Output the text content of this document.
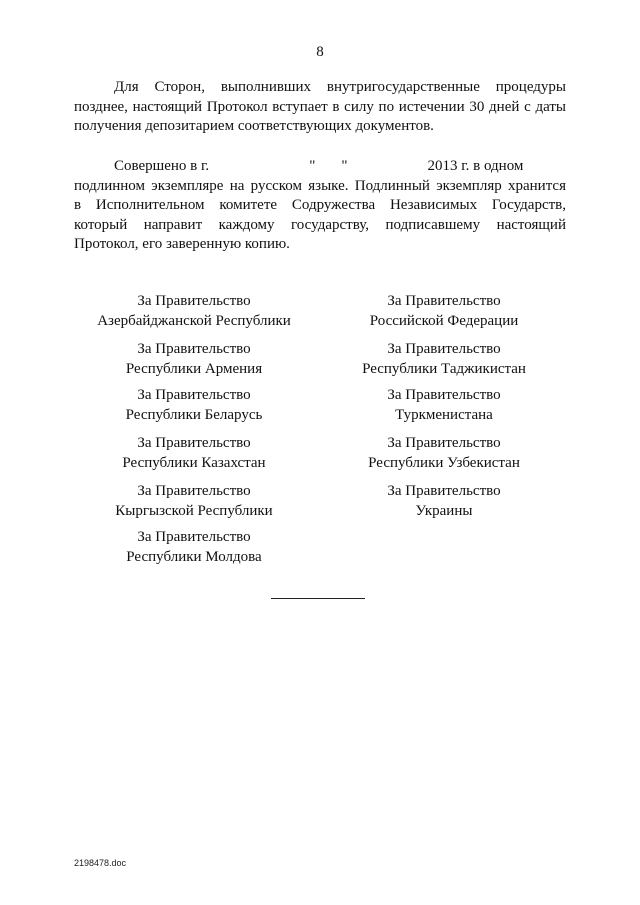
8
Для Сторон, выполнивших внутригосударственные процедуры
позднее, настоящий Протокол вступает в силу по истечении 30 дней с даты
получения депозитарием соответствующих документов.
Совершено в г.	" "	2013 г. в одном
подлинном экземпляре на русском языке. Подлинный экземпляр хранится
в Исполнительном комитете Содружества Независимых Государств,
который направит каждому государству, подписавшему настоящий
Протокол, его заверенную копию.
За Правительство
Азербайджанской Республики
За Правительство
Республики Армения
За Правительство
Республики Беларусь
За Правительство
Республики Казахстан
За Правительство
Кыргызской Республики
За Правительство
Республики Молдова
За Правительство
Российской Федерации
За Правительство
Республики Таджикистан
За Правительство
Туркменистана
За Правительство
Республики Узбекистан
За Правительство
Украины
2198478.doc
